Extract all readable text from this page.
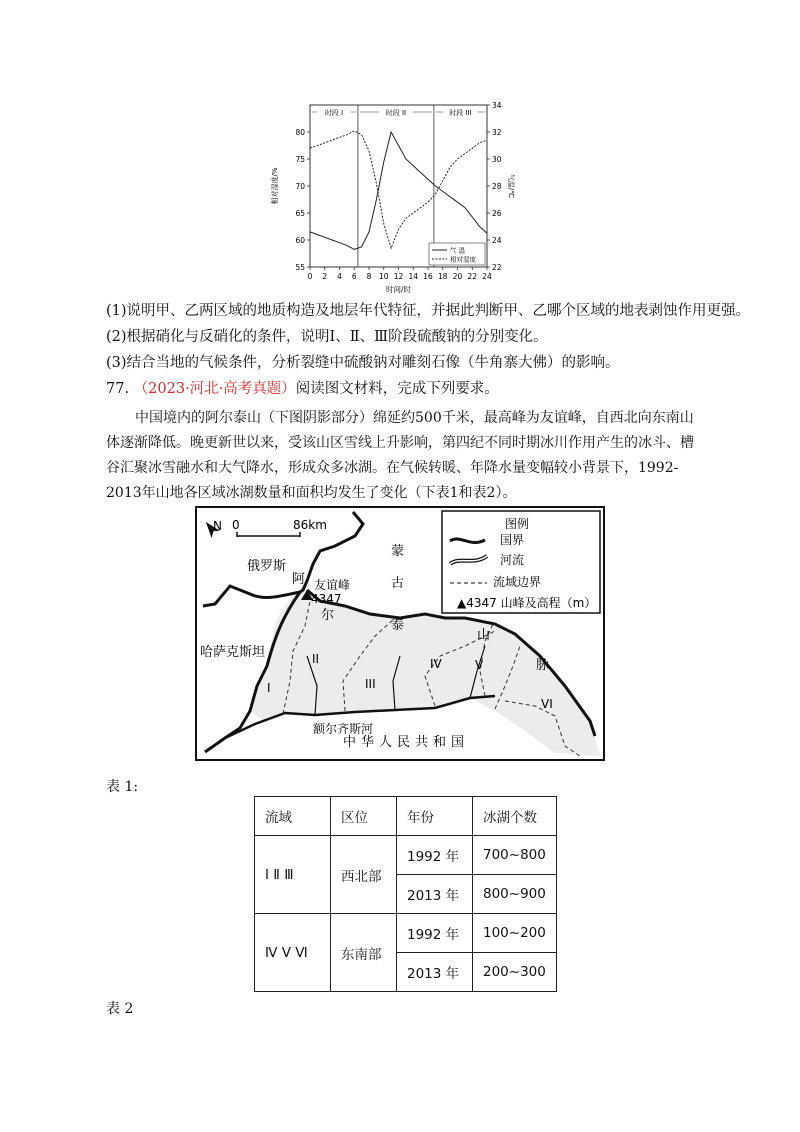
时段 I	时段 II	时段 III
0 2 4 6 8 10 12 14 16 18 20 22 24
时间/时
55
60
65
70
75
80
相对湿度/%
22
24
26
28
30
32
34
气温/℃
气 温
相对湿度
(1)说明甲、乙两区域的地质构造及地层年代特征，并据此判断甲、乙哪个区域的地表剥蚀作用更强。
(2)根据硝化与反硝化的条件，说明Ⅰ、Ⅱ、Ⅲ阶段硫酸钠的分别变化。
(3)结合当地的气候条件，分析裂缝中硫酸钠对雕刻石像（牛角寨大佛）的影响。
77. （2023·河北·高考真题）阅读图文材料，完成下列要求。
中国境内的阿尔泰山（下图阴影部分）绵延约500千米，最高峰为友谊峰，自西北向东南山体逐渐降低。晚更新世以来，受该山区雪线上升影响，第四纪不同时期冰川作用产生的冰斗、槽谷汇聚冰雪融水和大气降水，形成众多冰湖。在气候转暖、年降水量变幅较小背景下，1992-2013年山地各区域冰湖数量和面积均发生了变化（下表1和表2）。
N 0	86km
俄罗斯
哈萨克斯坦
蒙
古
中华人民共和国
额尔齐斯河
阿
尔
泰
山
脉
友谊峰
4347
I
II
III
IV	V
VI
图例
国界
河流
流域边界
▲4347 山峰及高程（m）
表 1:
流域	区位	年份	冰湖个数
Ⅰ Ⅱ Ⅲ	西北部	1992 年	700~800
		2013 年	800~900
Ⅳ Ⅴ Ⅵ	东南部	1992 年	100~200
		2013 年	200~300
表 2
